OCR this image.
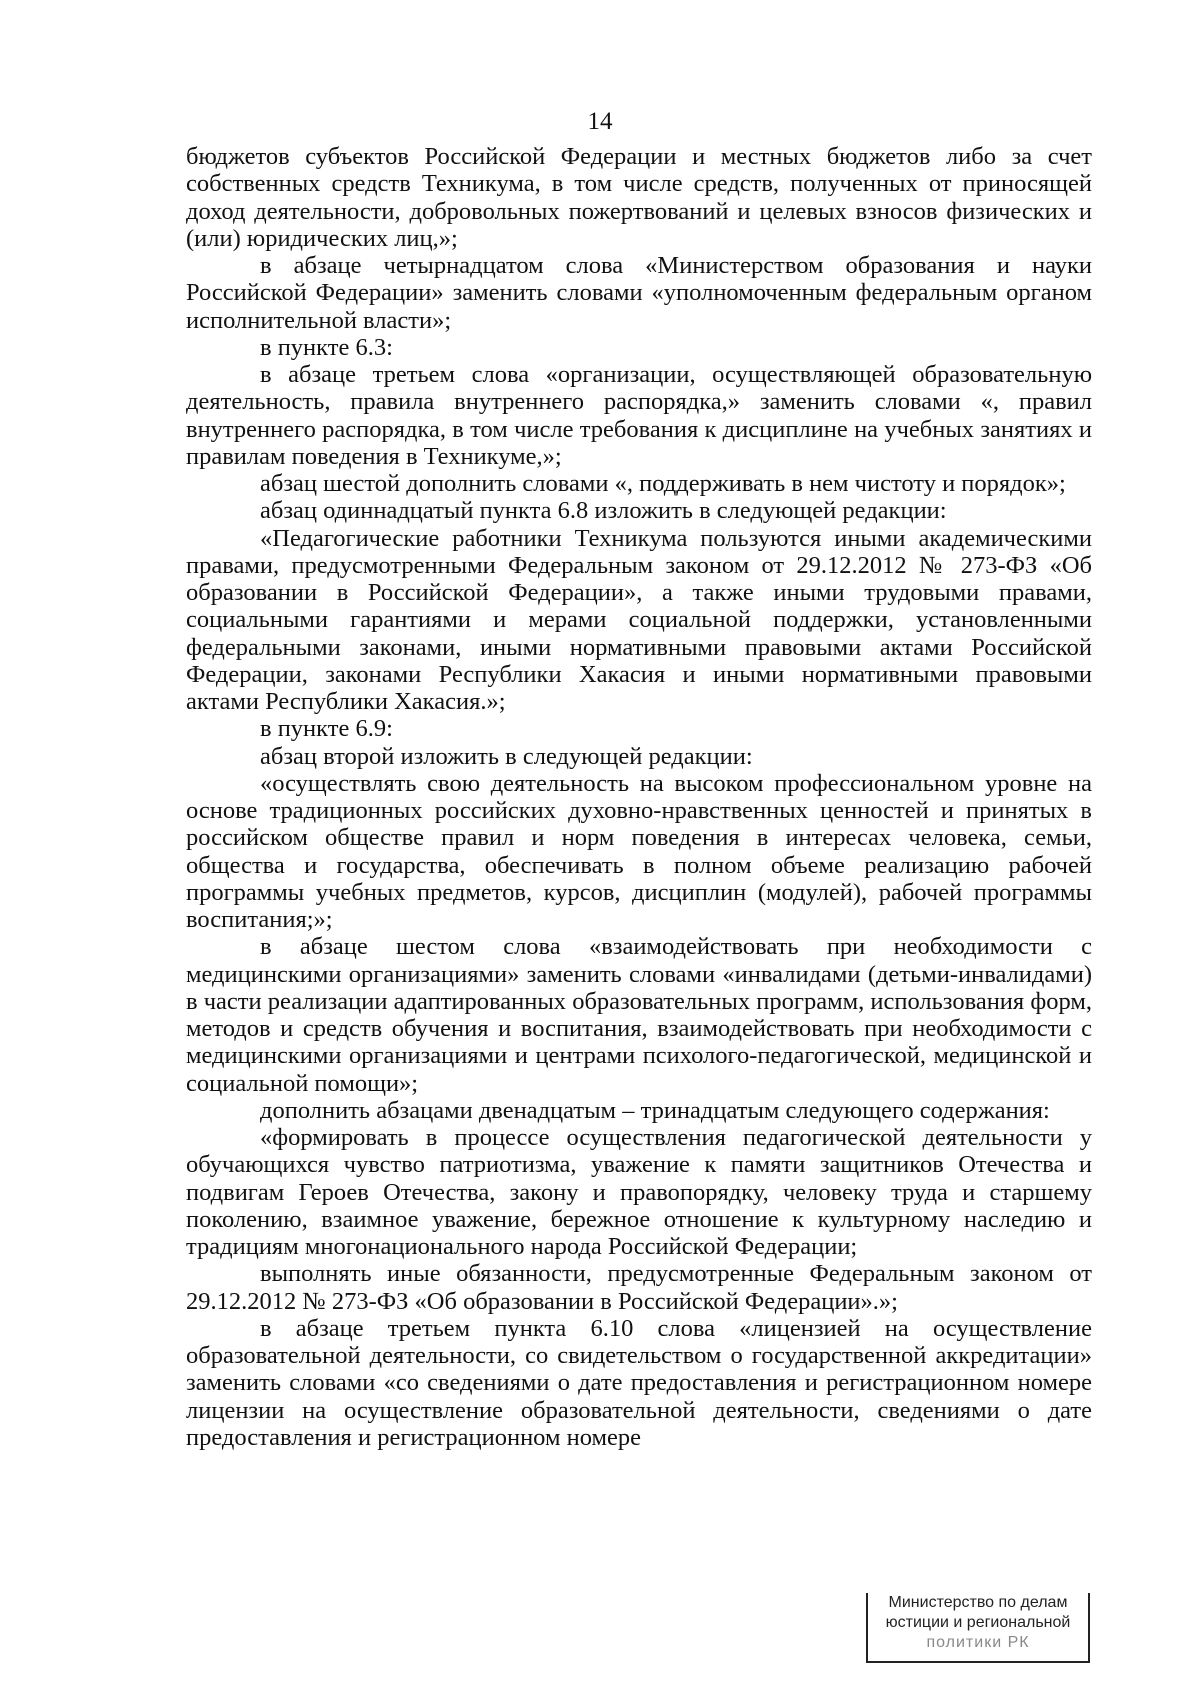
14

бюджетов субъектов Российской Федерации и местных бюджетов либо за счет собственных средств Техникума, в том числе средств, полученных от приносящей доход деятельности, добровольных пожертвований и целевых взносов физических и (или) юридических лиц,»;

в абзаце четырнадцатом слова «Министерством образования и науки Российской Федерации» заменить словами «уполномоченным федеральным органом исполнительной власти»;

в пункте 6.3:

в абзаце третьем слова «организации, осуществляющей образовательную деятельность, правила внутреннего распорядка,» заменить словами «, правил внутреннего распорядка, в том числе требования к дисциплине на учебных занятиях и правилам поведения в Техникуме,»;

абзац шестой дополнить словами «, поддерживать в нем чистоту и порядок»;

абзац одиннадцатый пункта 6.8 изложить в следующей редакции:

«Педагогические работники Техникума пользуются иными академическими правами, предусмотренными Федеральным законом от 29.12.2012 № 273-ФЗ «Об образовании в Российской Федерации», а также иными трудовыми правами, социальными гарантиями и мерами социальной поддержки, установленными федеральными законами, иными нормативными правовыми актами Российской Федерации, законами Республики Хакасия и иными нормативными правовыми актами Республики Хакасия.»;

в пункте 6.9:

абзац второй изложить в следующей редакции:

«осуществлять свою деятельность на высоком профессиональном уровне на основе традиционных российских духовно-нравственных ценностей и принятых в российском обществе правил и норм поведения в интересах человека, семьи, общества и государства, обеспечивать в полном объеме реализацию рабочей программы учебных предметов, курсов, дисциплин (модулей), рабочей программы воспитания;»;

в абзаце шестом слова «взаимодействовать при необходимости с медицинскими организациями» заменить словами «инвалидами (детьми-инвалидами) в части реализации адаптированных образовательных программ, использования форм, методов и средств обучения и воспитания, взаимодействовать при необходимости с медицинскими организациями и центрами психолого-педагогической, медицинской и социальной помощи»;

дополнить абзацами двенадцатым – тринадцатым следующего содержания:

«формировать в процессе осуществления педагогической деятельности у обучающихся чувство патриотизма, уважение к памяти защитников Отечества и подвигам Героев Отечества, закону и правопорядку, человеку труда и старшему поколению, взаимное уважение, бережное отношение к культурному наследию и традициям многонационального народа Российской Федерации;

выполнять иные обязанности, предусмотренные Федеральным законом от 29.12.2012 № 273-ФЗ «Об образовании в Российской Федерации».»;

в абзаце третьем пункта 6.10 слова «лицензией на осуществление образовательной деятельности, со свидетельством о государственной аккредитации» заменить словами «со сведениями о дате предоставления и регистрационном номере лицензии на осуществление образовательной деятельности, сведениями о дате предоставления и регистрационном номере

Министерство по делам
юстиции и региональной
политики РК
